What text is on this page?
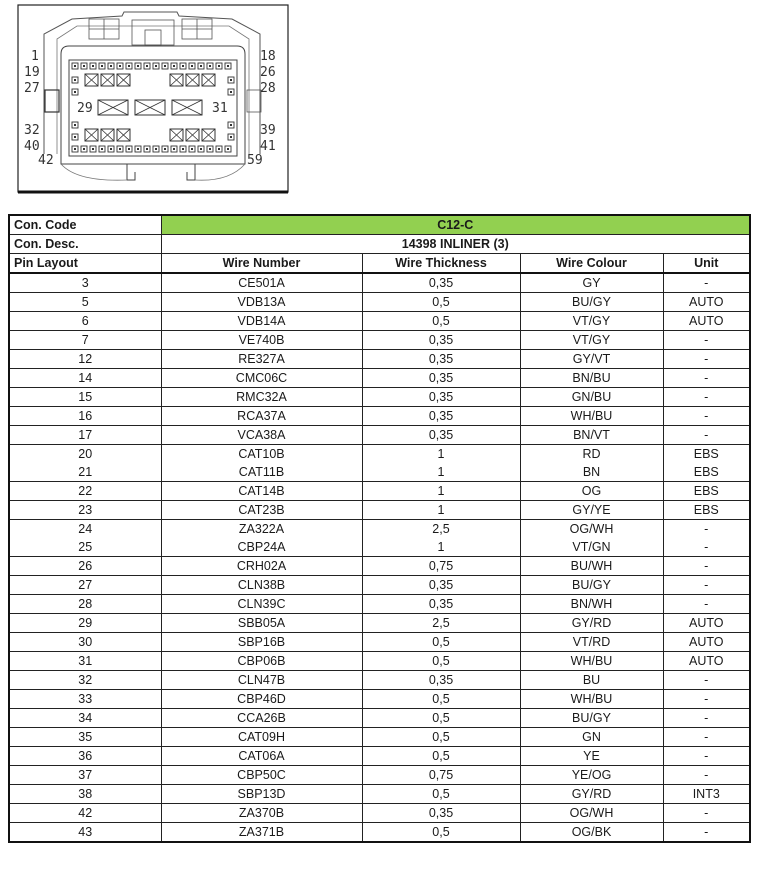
1
19
27
32
40
42
18
26
28
39
41
59
29	31
Con. Code	C12-C			
Con. Desc.	14398 INLINER (3)			
Pin Layout	Wire Number	Wire Thickness	Wire Colour	Unit
3	CE501A	0,35	GY	-
5	VDB13A	0,5	BU/GY	AUTO
6	VDB14A	0,5	VT/GY	AUTO
7	VE740B	0,35	VT/GY	-
12	RE327A	0,35	GY/VT	-
14	CMC06C	0,35	BN/BU	-
15	RMC32A	0,35	GN/BU	-
16	RCA37A	0,35	WH/BU	-
17	VCA38A	0,35	BN/VT	-
20	CAT10B	1	RD	EBS
21	CAT11B	1	BN	EBS
22	CAT14B	1	OG	EBS
23	CAT23B	1	GY/YE	EBS
24	ZA322A	2,5	OG/WH	-
25	CBP24A	1	VT/GN	-
26	CRH02A	0,75	BU/WH	-
27	CLN38B	0,35	BU/GY	-
28	CLN39C	0,35	BN/WH	-
29	SBB05A	2,5	GY/RD	AUTO
30	SBP16B	0,5	VT/RD	AUTO
31	CBP06B	0,5	WH/BU	AUTO
32	CLN47B	0,35	BU	-
33	CBP46D	0,5	WH/BU	-
34	CCA26B	0,5	BU/GY	-
35	CAT09H	0,5	GN	-
36	CAT06A	0,5	YE	-
37	CBP50C	0,75	YE/OG	-
38	SBP13D	0,5	GY/RD	INT3
42	ZA370B	0,35	OG/WH	-
43	ZA371B	0,5	OG/BK	-
